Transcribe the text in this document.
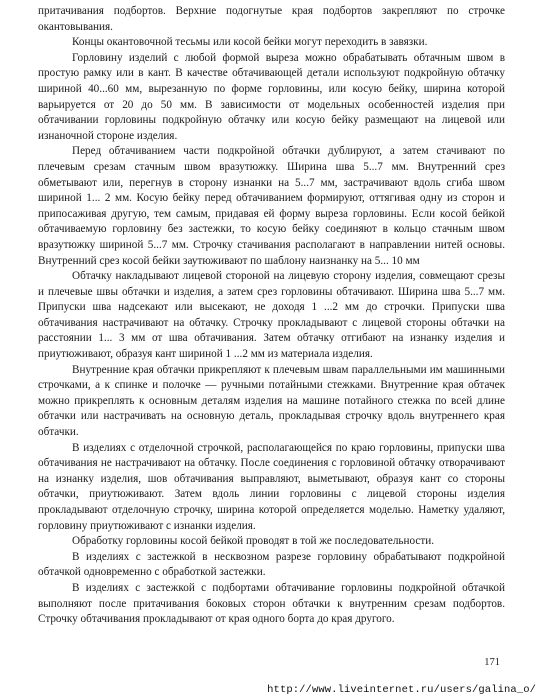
притачивания подбортов. Верхние подогнутые края подбортов закрепляют по строчке окантовывания.

Концы окантовочной тесьмы или косой бейки могут переходить в завязки.

Горловину изделий с любой формой выреза можно обрабатывать обтачным швом в простую рамку или в кант. В качестве обтачивающей детали используют подкройную обтачку шириной 40...60 мм, вырезанную по форме горловины, или косую бейку, ширина которой варьируется от 20 до 50 мм. В зависимости от модельных особенностей изделия при обтачивании горловины подкройную обтачку или косую бейку размещают на лицевой или изнаночной стороне изделия.

Перед обтачиванием части подкройной обтачки дублируют, а затем стачивают по плечевым срезам стачным швом вразутюжку. Ширина шва 5...7 мм. Внутренний срез обметывают или, перегнув в сторону изнанки на 5...7 мм, застрачивают вдоль сгиба швом шириной 1... 2 мм. Косую бейку перед обтачиванием формируют, оттягивая одну из сторон и припосаживая другую, тем самым, придавая ей форму выреза горловины. Если косой бейкой обтачиваемую горловину без застежки, то косую бейку соединяют в кольцо стачным швом вразутюжку шириной 5...7 мм. Строчку стачивания располагают в направлении нитей основы. Внутренний срез косой бейки заутюживают по шаблону наизнанку на 5... 10 мм

Обтачку накладывают лицевой стороной на лицевую сторону изделия, совмещают срезы и плечевые швы обтачки и изделия, а затем срез горловины обтачивают. Ширина шва 5...7 мм. Припуски шва надсекают или высекают, не доходя 1 ...2 мм до строчки. Припуски шва обтачивания настрачивают на обтачку. Строчку прокладывают с лицевой стороны обтачки на расстоянии 1... 3 мм от шва обтачивания. Затем обтачку отгибают на изнанку изделия и приутюживают, образуя кант шириной 1 ...2 мм из материала изделия.

Внутренние края обтачки прикрепляют к плечевым швам параллельными им машинными строчками, а к спинке и полочке — ручными потайными стежками. Внутренние края обтачек можно прикреплять к основным деталям изделия на машине потайного стежка по всей длине обтачки или настрачивать на основную деталь, прокладывая строчку вдоль внутреннего края обтачки.

В изделиях с отделочной строчкой, располагающейся по краю горловины, припуски шва обтачивания не настрачивают на обтачку. После соединения с горловиной обтачку отворачивают на изнанку изделия, шов обтачивания выправляют, выметывают, образуя кант со стороны обтачки, приутюживают. Затем вдоль линии горловины с лицевой стороны изделия прокладывают отделочную строчку, ширина которой определяется моделью. Наметку удаляют, горловину приутюживают с изнанки изделия.

Обработку горловины косой бейкой проводят в той же последовательности.

В изделиях с застежкой в несквозном разрезе горловину обрабатывают подкройной обтачкой одновременно с обработкой застежки.

В изделиях с застежкой с подбортами обтачивание горловины подкройной обтачкой выполняют после притачивания боковых сторон обтачки к внутренним срезам подбортов. Строчку обтачивания прокладывают от края одного борта до края другого.

171
http://www.liveinternet.ru/users/galina_o/
